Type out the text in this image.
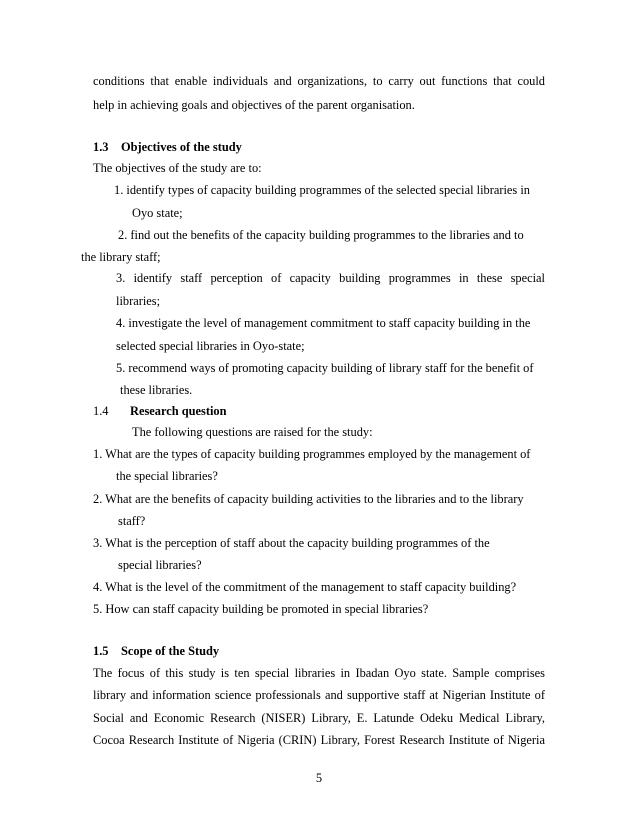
conditions that enable individuals and organizations, to carry out functions that could
help in achieving goals and objectives of the parent organisation.
1.3 Objectives of the study
The objectives of the study are to:
1. identify types of capacity building programmes of the selected special libraries in
Oyo state;
2. find out the benefits of the capacity building programmes to the libraries and to
the library staff;
3. identify staff perception of capacity building programmes in these special
libraries;
4. investigate the level of management commitment to staff capacity building in the
selected special libraries in Oyo-state;
5. recommend ways of promoting capacity building of library staff for the benefit of
these libraries.
1.4 Research question
The following questions are raised for the study:
1. What are the types of capacity building programmes employed by the management of
the special libraries?
2. What are the benefits of capacity building activities to the libraries and to the library
staff?
3. What is the perception of staff about the capacity building programmes of the
special libraries?
4. What is the level of the commitment of the management to staff capacity building?
5. How can staff capacity building be promoted in special libraries?
1.5 Scope of the Study
The focus of this study is ten special libraries in Ibadan Oyo state. Sample comprises
library and information science professionals and supportive staff at Nigerian Institute of
Social and Economic Research (NISER) Library, E. Latunde Odeku Medical Library,
Cocoa Research Institute of Nigeria (CRIN) Library, Forest Research Institute of Nigeria
5
